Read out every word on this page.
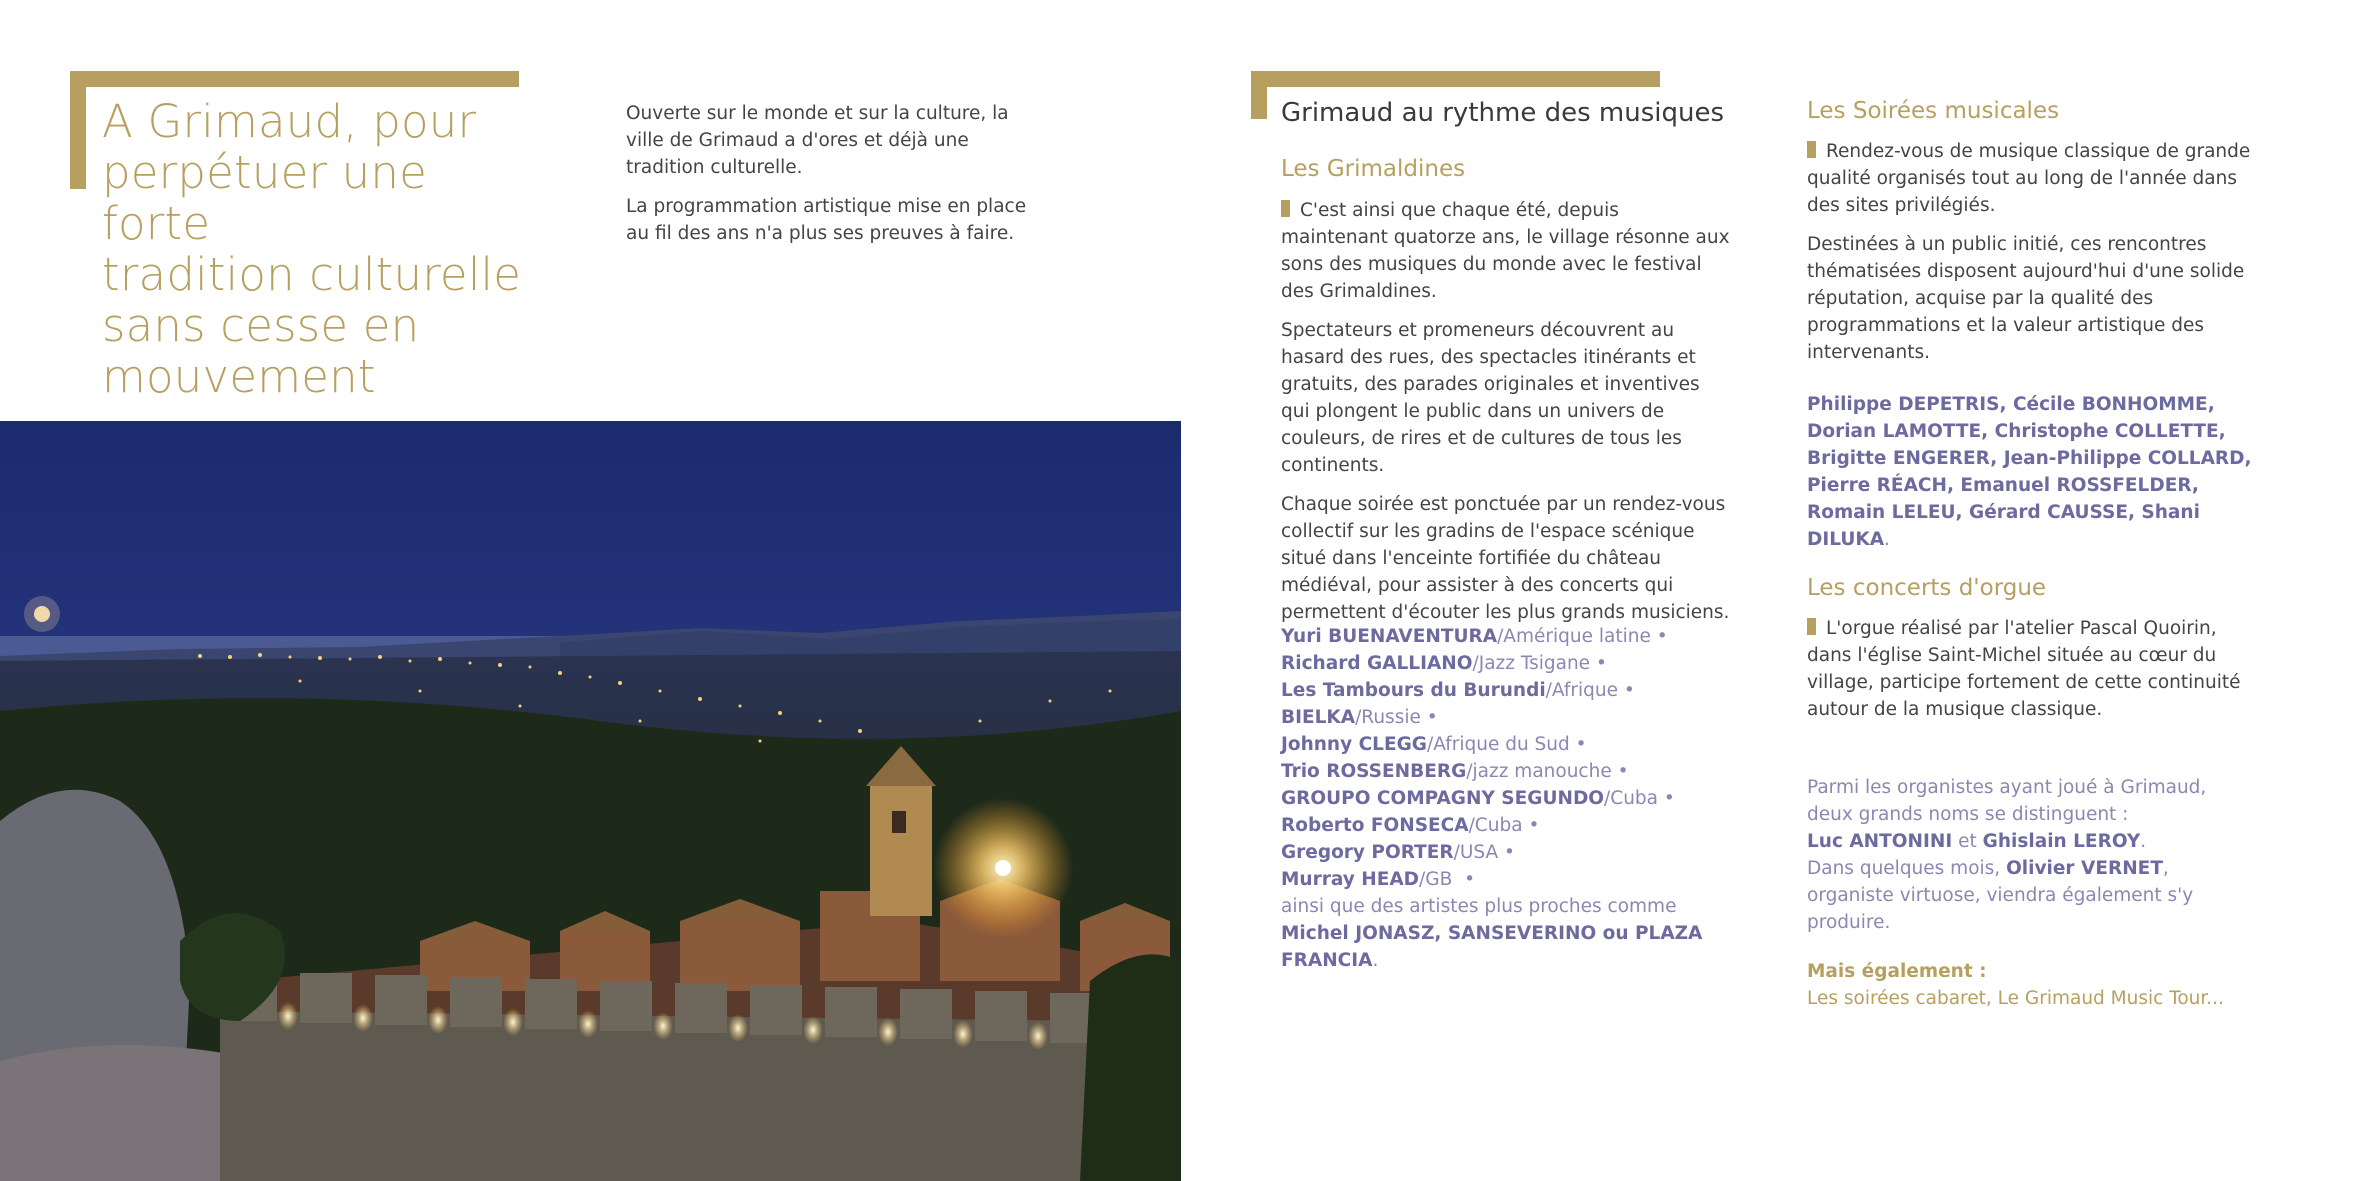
A Grimaud, pour
perpétuer une forte
tradition culturelle
sans cesse en
mouvement

Ouverte sur le monde et sur la culture, la ville de Grimaud a d'ores et déjà une tradition culturelle.

La programmation artistique mise en place au fil des ans n'a plus ses preuves à faire.

Grimaud au rythme des musiques
Les Grimaldines

C'est ainsi que chaque été, depuis maintenant quatorze ans, le village résonne aux sons des musiques du monde avec le festival des Grimaldines.

Spectateurs et promeneurs découvrent au hasard des rues, des spectacles itinérants et gratuits, des parades originales et inventives qui plongent le public dans un univers de couleurs, de rires et de cultures de tous les continents.

Chaque soirée est ponctuée par un rendez-vous collectif sur les gradins de l'espace scénique situé dans l'enceinte fortifiée du château médiéval, pour assister à des concerts qui permettent d'écouter les plus grands musiciens.

Yuri BUENAVENTURA/Amérique latine •
Richard GALLIANO/Jazz Tsigane •
Les Tambours du Burundi/Afrique •
BIELKA/Russie •
Johnny CLEGG/Afrique du Sud •
Trio ROSSENBERG/jazz manouche •
GROUPO COMPAGNY SEGUNDO/Cuba •
Roberto FONSECA/Cuba •
Gregory PORTER/USA •
Murray HEAD/GB •
ainsi que des artistes plus proches comme
Michel JONASZ, SANSEVERINO ou PLAZA FRANCIA.
Les Soirées musicales

Rendez-vous de musique classique de grande qualité organisés tout au long de l'année dans des sites privilégiés.

Destinées à un public initié, ces rencontres thématisées disposent aujourd'hui d'une solide réputation, acquise par la qualité des programmations et la valeur artistique des intervenants.

Philippe DEPETRIS, Cécile BONHOMME,
Dorian LAMOTTE, Christophe COLLETTE,
Brigitte ENGERER, Jean-Philippe COLLARD,
Pierre RÉACH, Emanuel ROSSFELDER,
Romain LELEU, Gérard CAUSSE, Shani DILUKA.
Les concerts d'orgue

L'orgue réalisé par l'atelier Pascal Quoirin, dans l'église Saint-Michel située au cœur du village, participe fortement de cette continuité autour de la musique classique.

Parmi les organistes ayant joué à Grimaud,
deux grands noms se distinguent :
Luc ANTONINI et Ghislain LEROY.
Dans quelques mois, Olivier VERNET, organiste virtuose, viendra également s'y produire.
Mais également :
Les soirées cabaret, Le Grimaud Music Tour...
